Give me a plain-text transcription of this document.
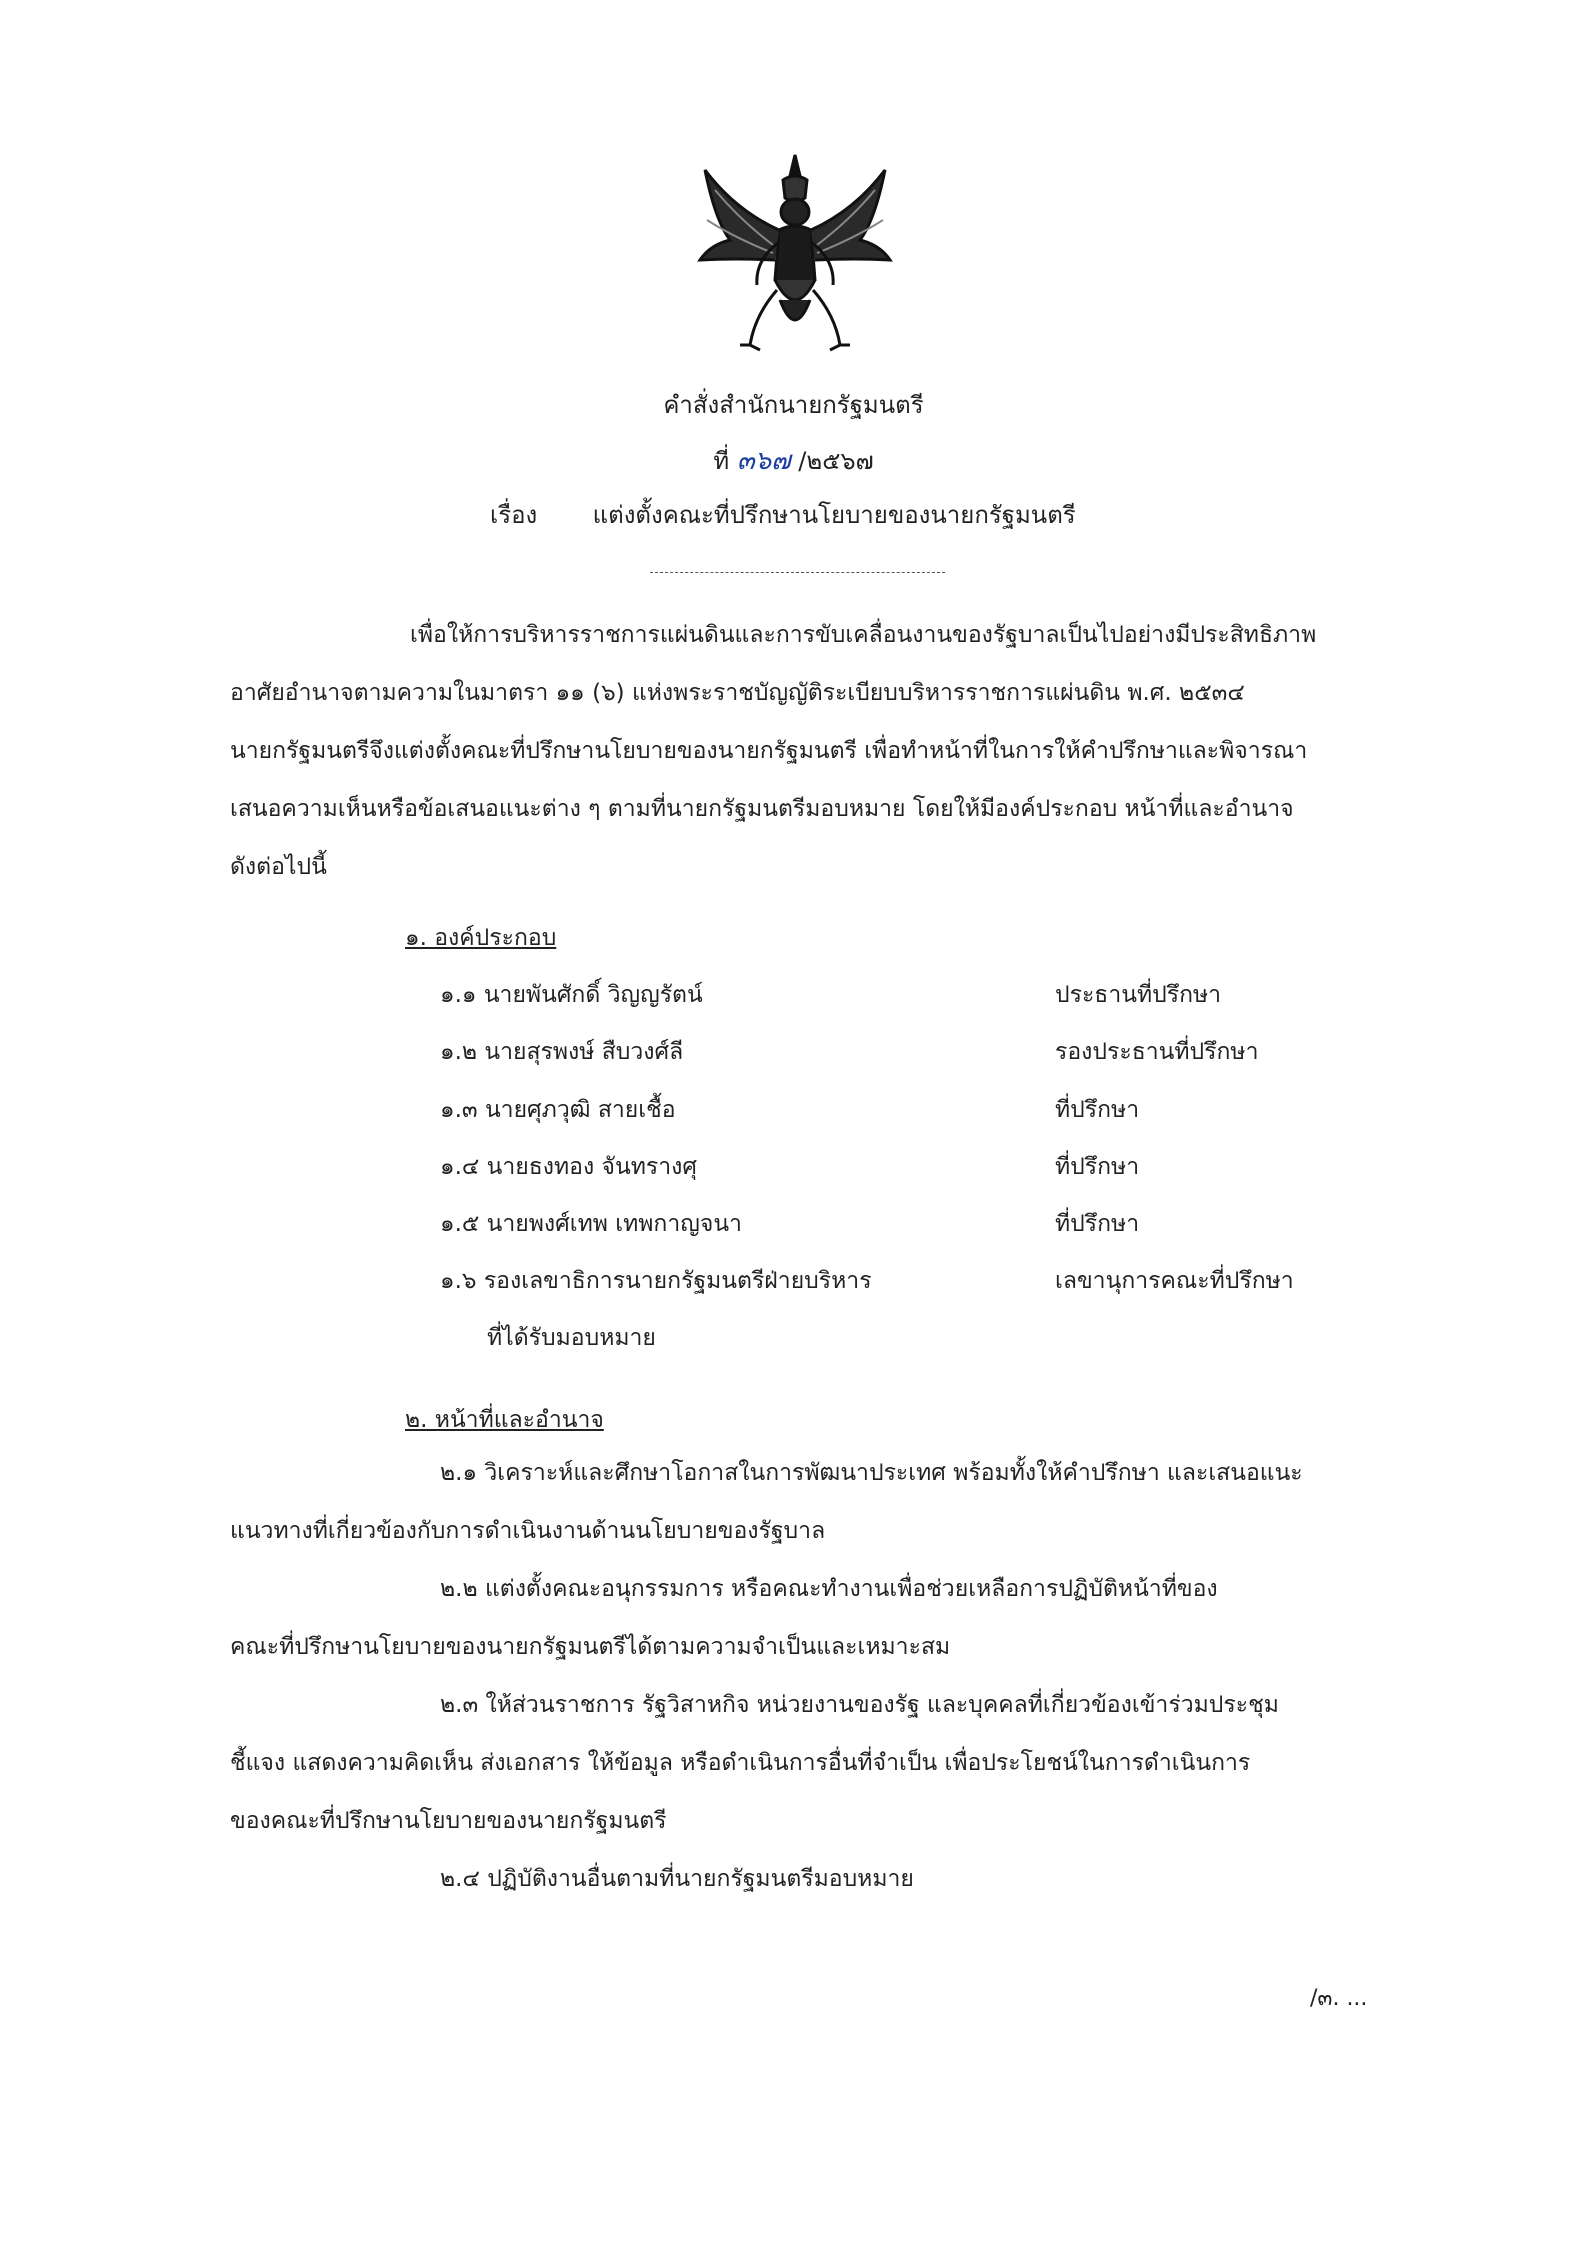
คำสั่งสำนักนายกรัฐมนตรี
ที่ ๓๖๗ /๒๕๖๗
เรื่อง แต่งตั้งคณะที่ปรึกษานโยบายของนายกรัฐมนตรี
เพื่อให้การบริหารราชการแผ่นดินและการขับเคลื่อนงานของรัฐบาลเป็นไปอย่างมีประสิทธิภาพ
อาศัยอำนาจตามความในมาตรา ๑๑ (๖) แห่งพระราชบัญญัติระเบียบบริหารราชการแผ่นดิน พ.ศ. ๒๕๓๔
นายกรัฐมนตรีจึงแต่งตั้งคณะที่ปรึกษานโยบายของนายกรัฐมนตรี เพื่อทำหน้าที่ในการให้คำปรึกษาและพิจารณา
เสนอความเห็นหรือข้อเสนอแนะต่าง ๆ ตามที่นายกรัฐมนตรีมอบหมาย โดยให้มีองค์ประกอบ หน้าที่และอำนาจ
ดังต่อไปนี้
๑. องค์ประกอบ
๑.๑ นายพันศักดิ์ วิญญรัตน์	ประธานที่ปรึกษา
๑.๒ นายสุรพงษ์ สืบวงศ์ลี	รองประธานที่ปรึกษา
๑.๓ นายศุภวุฒิ สายเชื้อ	ที่ปรึกษา
๑.๔ นายธงทอง จันทรางศุ	ที่ปรึกษา
๑.๕ นายพงศ์เทพ เทพกาญจนา	ที่ปรึกษา
๑.๖ รองเลขาธิการนายกรัฐมนตรีฝ่ายบริหาร	เลขานุการคณะที่ปรึกษา
ที่ได้รับมอบหมาย
๒. หน้าที่และอำนาจ
๒.๑ วิเคราะห์และศึกษาโอกาสในการพัฒนาประเทศ พร้อมทั้งให้คำปรึกษา และเสนอแนะ
แนวทางที่เกี่ยวข้องกับการดำเนินงานด้านนโยบายของรัฐบาล
๒.๒ แต่งตั้งคณะอนุกรรมการ หรือคณะทำงานเพื่อช่วยเหลือการปฏิบัติหน้าที่ของ
คณะที่ปรึกษานโยบายของนายกรัฐมนตรีได้ตามความจำเป็นและเหมาะสม
๒.๓ ให้ส่วนราชการ รัฐวิสาหกิจ หน่วยงานของรัฐ และบุคคลที่เกี่ยวข้องเข้าร่วมประชุม
ชี้แจง แสดงความคิดเห็น ส่งเอกสาร ให้ข้อมูล หรือดำเนินการอื่นที่จำเป็น เพื่อประโยชน์ในการดำเนินการ
ของคณะที่ปรึกษานโยบายของนายกรัฐมนตรี
๒.๔ ปฏิบัติงานอื่นตามที่นายกรัฐมนตรีมอบหมาย
/๓. ...
